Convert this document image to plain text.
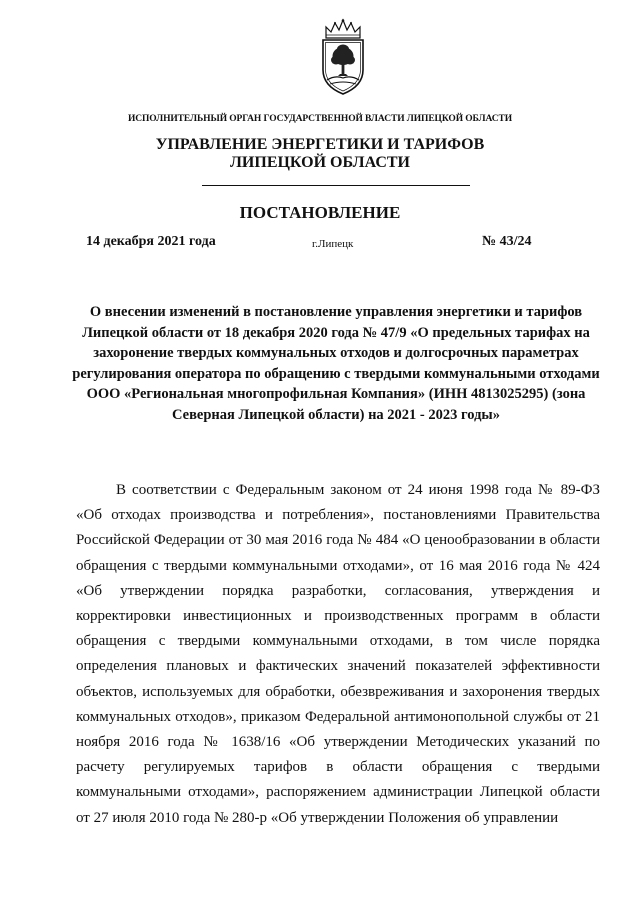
ИСПОЛНИТЕЛЬНЫЙ ОРГАН ГОСУДАРСТВЕННОЙ ВЛАСТИ ЛИПЕЦКОЙ ОБЛАСТИ
УПРАВЛЕНИЕ ЭНЕРГЕТИКИ И ТАРИФОВ
ЛИПЕЦКОЙ ОБЛАСТИ
ПОСТАНОВЛЕНИЕ
14 декабря 2021 года	г.Липецк	№ 43/24
О внесении изменений в постановление управления энергетики и тарифов Липецкой области от 18 декабря 2020 года № 47/9 «О предельных тарифах на захоронение твердых коммунальных отходов и долгосрочных параметрах регулирования оператора по обращению с твердыми коммунальными отходами ООО «Региональная многопрофильная Компания» (ИНН 4813025295) (зона Северная Липецкой области) на 2021 - 2023 годы»
В соответствии с Федеральным законом от 24 июня 1998 года № 89-ФЗ «Об отходах производства и потребления», постановлениями Правительства Российской Федерации от 30 мая 2016 года № 484 «О ценообразовании в области обращения с твердыми коммунальными отходами», от 16 мая 2016 года № 424 «Об утверждении порядка разработки, согласования, утверждения и корректировки инвестиционных и производственных программ в области обращения с твердыми коммунальными отходами, в том числе порядка определения плановых и фактических значений показателей эффективности объектов, используемых для обработки, обезвреживания и захоронения твердых коммунальных отходов», приказом Федеральной антимонопольной службы от 21 ноября 2016 года № 1638/16 «Об утверждении Методических указаний по расчету регулируемых тарифов в области обращения с твердыми коммунальными отходами», распоряжением администрации Липецкой области от 27 июля 2010 года № 280-р «Об утверждении Положения об управлении
